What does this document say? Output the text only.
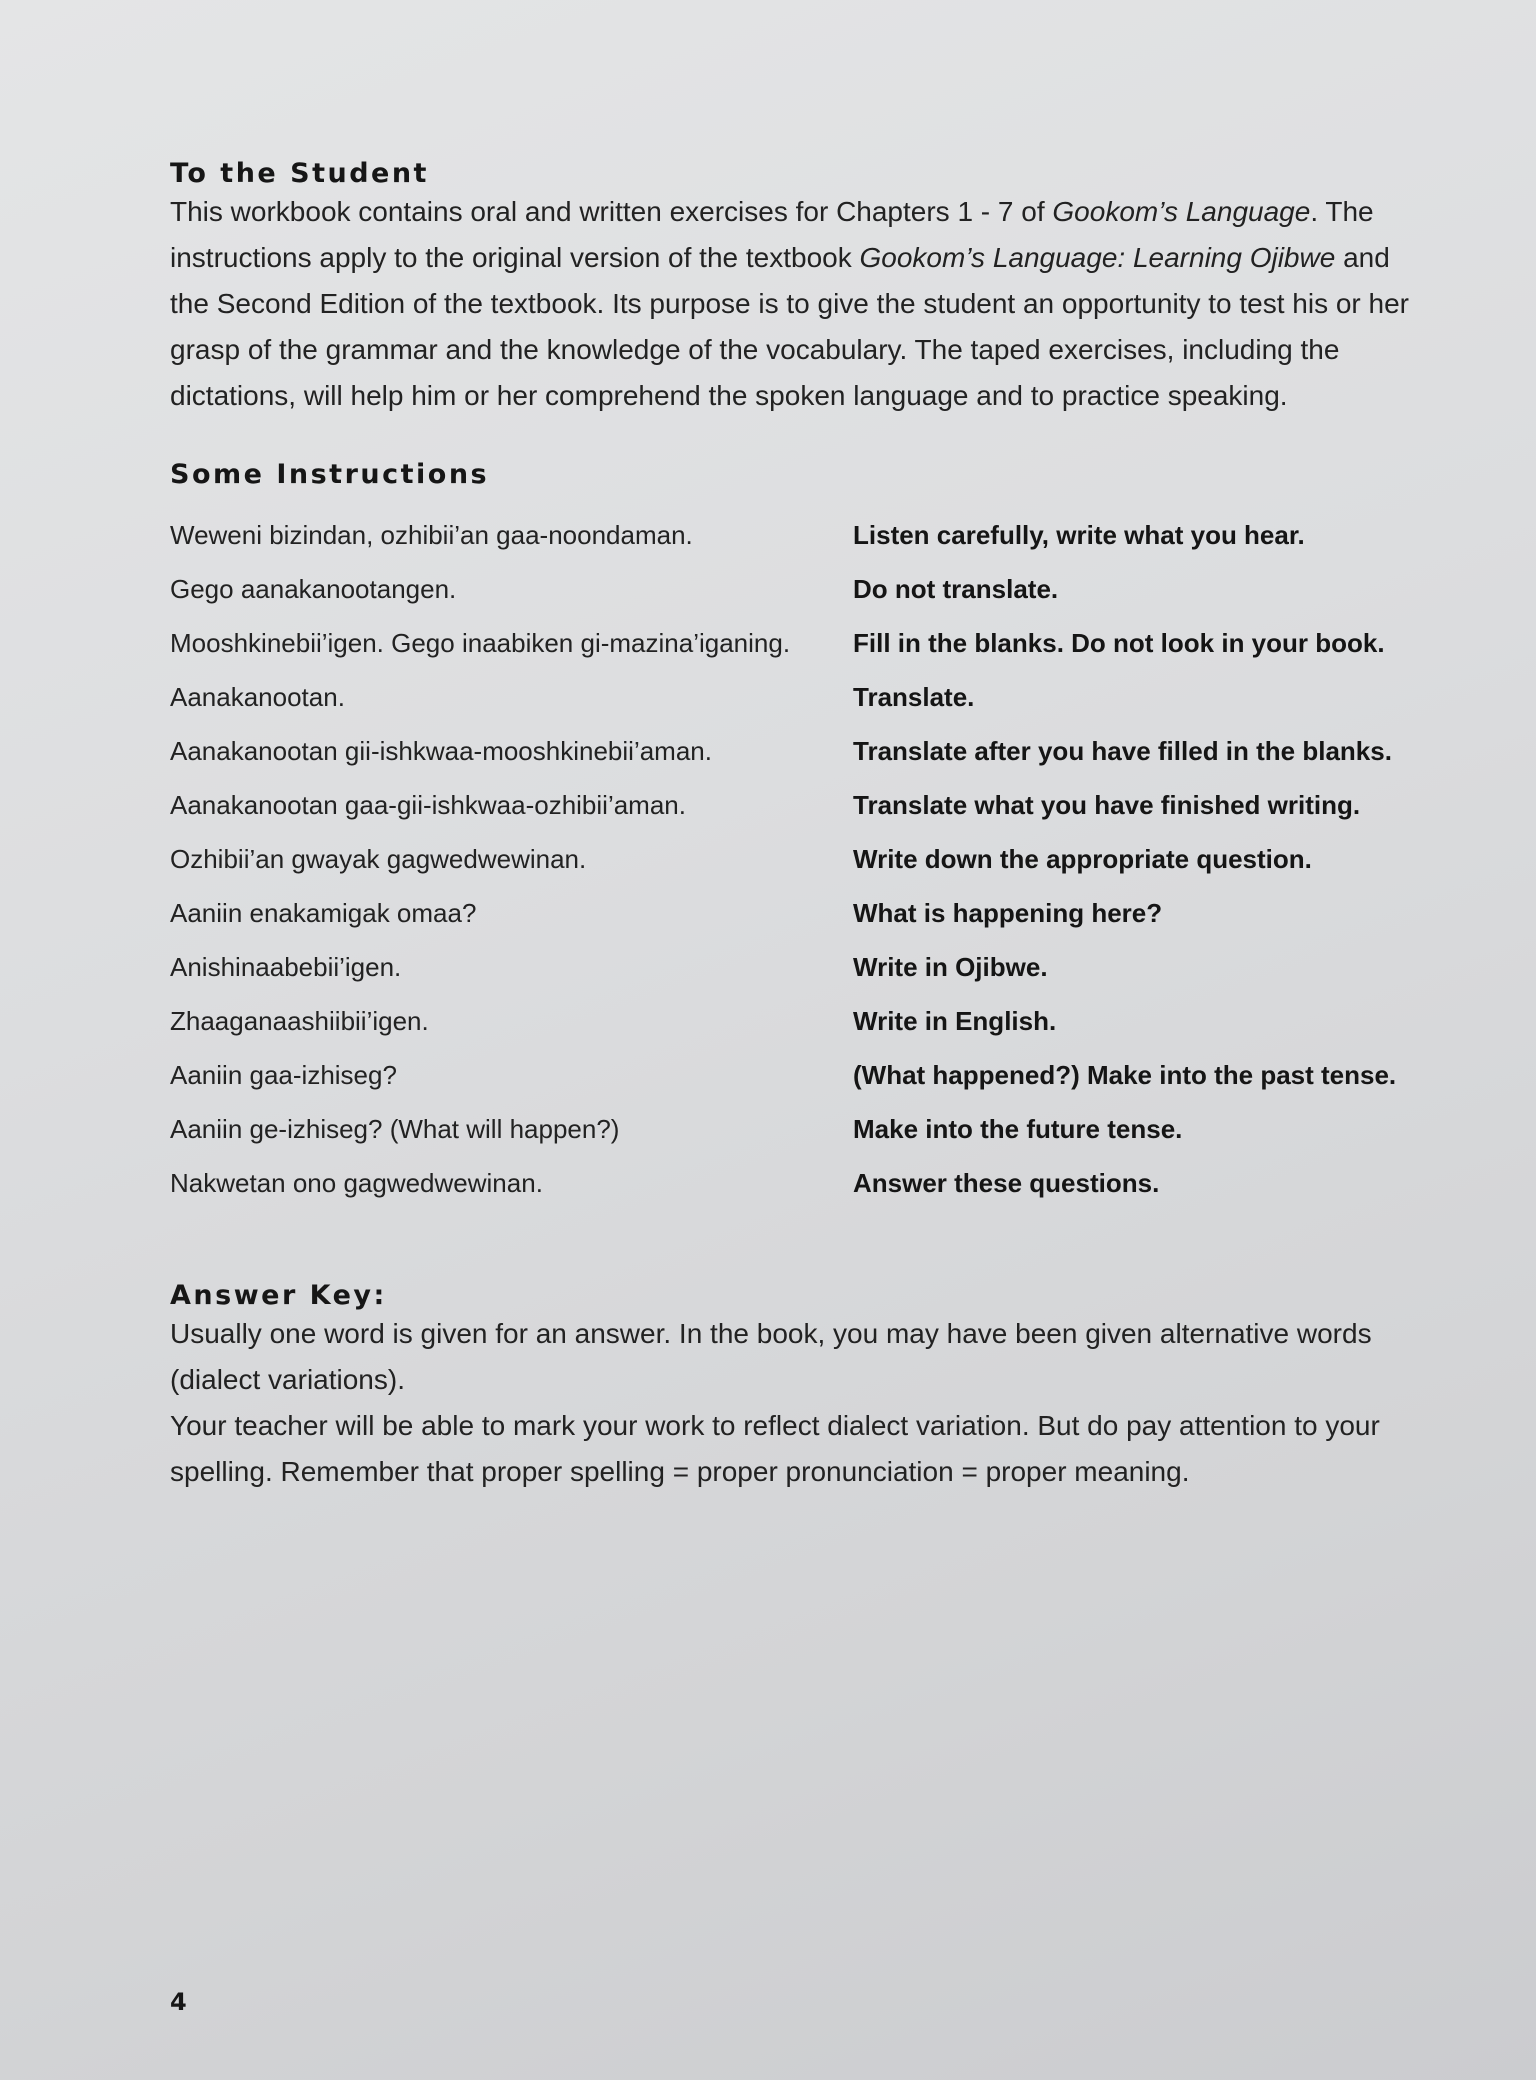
To the Student

This workbook contains oral and written exercises for Chapters 1 - 7 of Gookom’s Language. The instructions apply to the original version of the textbook Gookom’s Language: Learning Ojibwe and the Second Edition of the textbook. Its purpose is to give the student an opportunity to test his or her grasp of the grammar and the knowledge of the vocabulary. The taped exercises, including the dictations, will help him or her comprehend the spoken language and to practice speaking.

Some Instructions
Weweni bizindan, ozhibii’an gaa-noondaman.	Listen carefully, write what you hear.
Gego aanakanootangen.	Do not translate.
Mooshkinebii’igen. Gego inaabiken gi-mazina’iganing.	Fill in the blanks. Do not look in your book.
Aanakanootan.	Translate.
Aanakanootan gii-ishkwaa-mooshkinebii’aman.	Translate after you have filled in the blanks.
Aanakanootan gaa-gii-ishkwaa-ozhibii’aman.	Translate what you have finished writing.
Ozhibii’an gwayak gagwedwewinan.	Write down the appropriate question.
Aaniin enakamigak omaa?	What is happening here?
Anishinaabebii’igen.	Write in Ojibwe.
Zhaaganaashiibii’igen.	Write in English.
Aaniin gaa-izhiseg?	(What happened?) Make into the past tense.
Aaniin ge-izhiseg? (What will happen?)	Make into the future tense.
Nakwetan ono gagwedwewinan.	Answer these questions.
Answer Key:

Usually one word is given for an answer. In the book, you may have been given alternative words (dialect variations).

Your teacher will be able to mark your work to reflect dialect variation. But do pay attention to your spelling. Remember that proper spelling = proper pronunciation = proper meaning.

4
